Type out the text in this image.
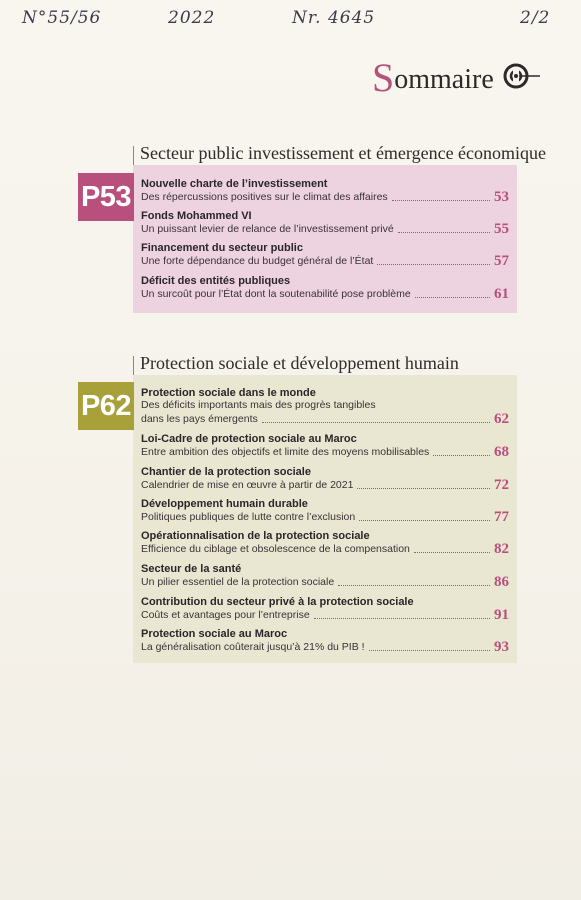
N°55/56	2022	Nr. 4645	2/2
Sommaire
Secteur public investissement et émergence économique
P53 Nouvelle charte de l’investissement
Des répercussions positives sur le climat des affaires	53
Fonds Mohammed VI
Un puissant levier de relance de l’investissement privé	55
Financement du secteur public
Une forte dépendance du budget général de l’État	57
Déficit des entités publiques
Un surcoût pour l’État dont la soutenabilité pose problème	61
Protection sociale et développement humain
P62 Protection sociale dans le monde
Des déficits importants mais des progrès tangibles
dans les pays émergents	62
Loi-Cadre de protection sociale au Maroc
Entre ambition des objectifs et limite des moyens mobilisables	68
Chantier de la protection sociale
Calendrier de mise en œuvre à partir de 2021	72
Développement humain durable
Politiques publiques de lutte contre l’exclusion	77
Opérationnalisation de la protection sociale
Efficience du ciblage et obsolescence de la compensation	82
Secteur de la santé
Un pilier essentiel de la protection sociale	86
Contribution du secteur privé à la protection sociale
Coûts et avantages pour l’entreprise	91
Protection sociale au Maroc
La généralisation coûterait jusqu’à 21% du PIB !	93
